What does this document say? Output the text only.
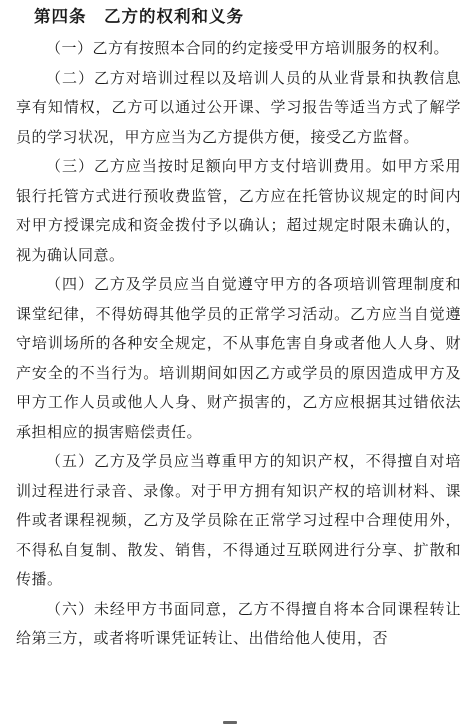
第四条　乙方的权利和义务

（一）乙方有按照本合同的约定接受甲方培训服务的权利。

（二）乙方对培训过程以及培训人员的从业背景和执教信息享有知情权，乙方可以通过公开课、学习报告等适当方式了解学员的学习状况，甲方应当为乙方提供方便，接受乙方监督。

（三）乙方应当按时足额向甲方支付培训费用。如甲方采用银行托管方式进行预收费监管，乙方应在托管协议规定的时间内对甲方授课完成和资金拨付予以确认；超过规定时限未确认的，视为确认同意。

（四）乙方及学员应当自觉遵守甲方的各项培训管理制度和课堂纪律，不得妨碍其他学员的正常学习活动。乙方应当自觉遵守培训场所的各种安全规定，不从事危害自身或者他人人身、财产安全的不当行为。培训期间如因乙方或学员的原因造成甲方及甲方工作人员或他人人身、财产损害的，乙方应根据其过错依法承担相应的损害赔偿责任。

（五）乙方及学员应当尊重甲方的知识产权，不得擅自对培训过程进行录音、录像。对于甲方拥有知识产权的培训材料、课件或者课程视频，乙方及学员除在正常学习过程中合理使用外，不得私自复制、散发、销售，不得通过互联网进行分享、扩散和传播。

（六）未经甲方书面同意，乙方不得擅自将本合同课程转让给第三方，或者将听课凭证转让、出借给他人使用，否
